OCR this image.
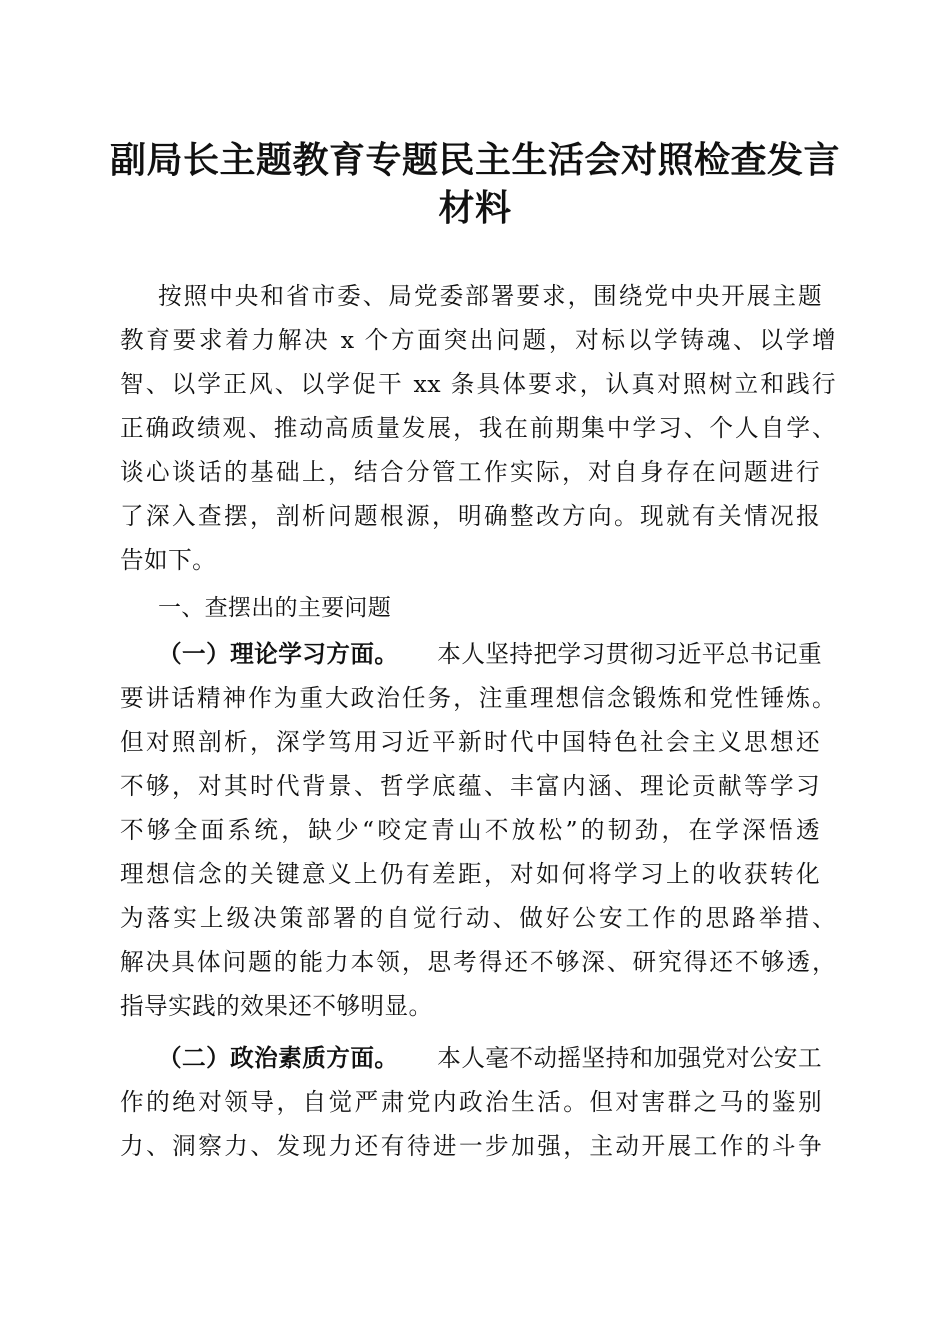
副局长主题教育专题民主生活会对照检查发言
材料
按照中央和省市委、局党委部署要求，围绕党中央开展主题
教育要求着力解决 x 个方面突出问题，对标以学铸魂、以学增
智、以学正风、以学促干 xx 条具体要求，认真对照树立和践行
正确政绩观、推动高质量发展，我在前期集中学习、个人自学、
谈心谈话的基础上，结合分管工作实际，对自身存在问题进行
了深入查摆，剖析问题根源，明确整改方向。现就有关情况报
告如下。
一、查摆出的主要问题
（一）理论学习方面。 本人坚持把学习贯彻习近平总书记重
要讲话精神作为重大政治任务，注重理想信念锻炼和党性锤炼。
但对照剖析，深学笃用习近平新时代中国特色社会主义思想还
不够，对其时代背景、哲学底蕴、丰富内涵、理论贡献等学习
不够全面系统，缺少“咬定青山不放松”的韧劲，在学深悟透
理想信念的关键意义上仍有差距，对如何将学习上的收获转化
为落实上级决策部署的自觉行动、做好公安工作的思路举措、
解决具体问题的能力本领，思考得还不够深、研究得还不够透，
指导实践的效果还不够明显。
（二）政治素质方面。 本人毫不动摇坚持和加强党对公安工
作的绝对领导，自觉严肃党内政治生活。但对害群之马的鉴别
力、洞察力、发现力还有待进一步加强，主动开展工作的斗争
